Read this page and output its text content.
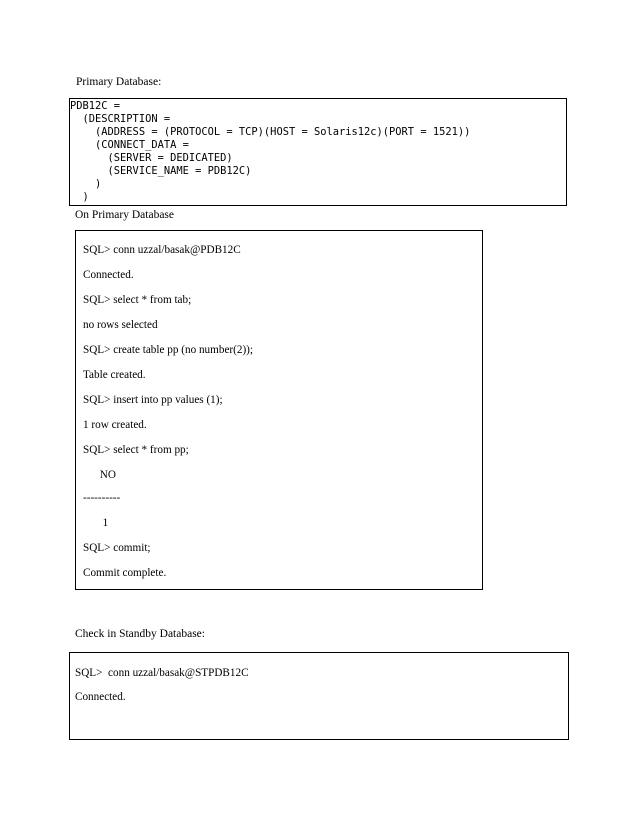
Primary Database:
PDB12C =
(DESCRIPTION =
(ADDRESS = (PROTOCOL = TCP)(HOST = Solaris12c)(PORT = 1521))
(CONNECT_DATA =
(SERVER = DEDICATED)
(SERVICE_NAME = PDB12C)
)
)
On Primary Database
SQL> conn uzzal/basak@PDB12C
Connected.
SQL> select * from tab;
no rows selected
SQL> create table pp (no number(2));
Table created.
SQL> insert into pp values (1);
1 row created.
SQL> select * from pp;
NO
----------
1
SQL> commit;
Commit complete.
Check in Standby Database:
SQL>  conn uzzal/basak@STPDB12C
Connected.
